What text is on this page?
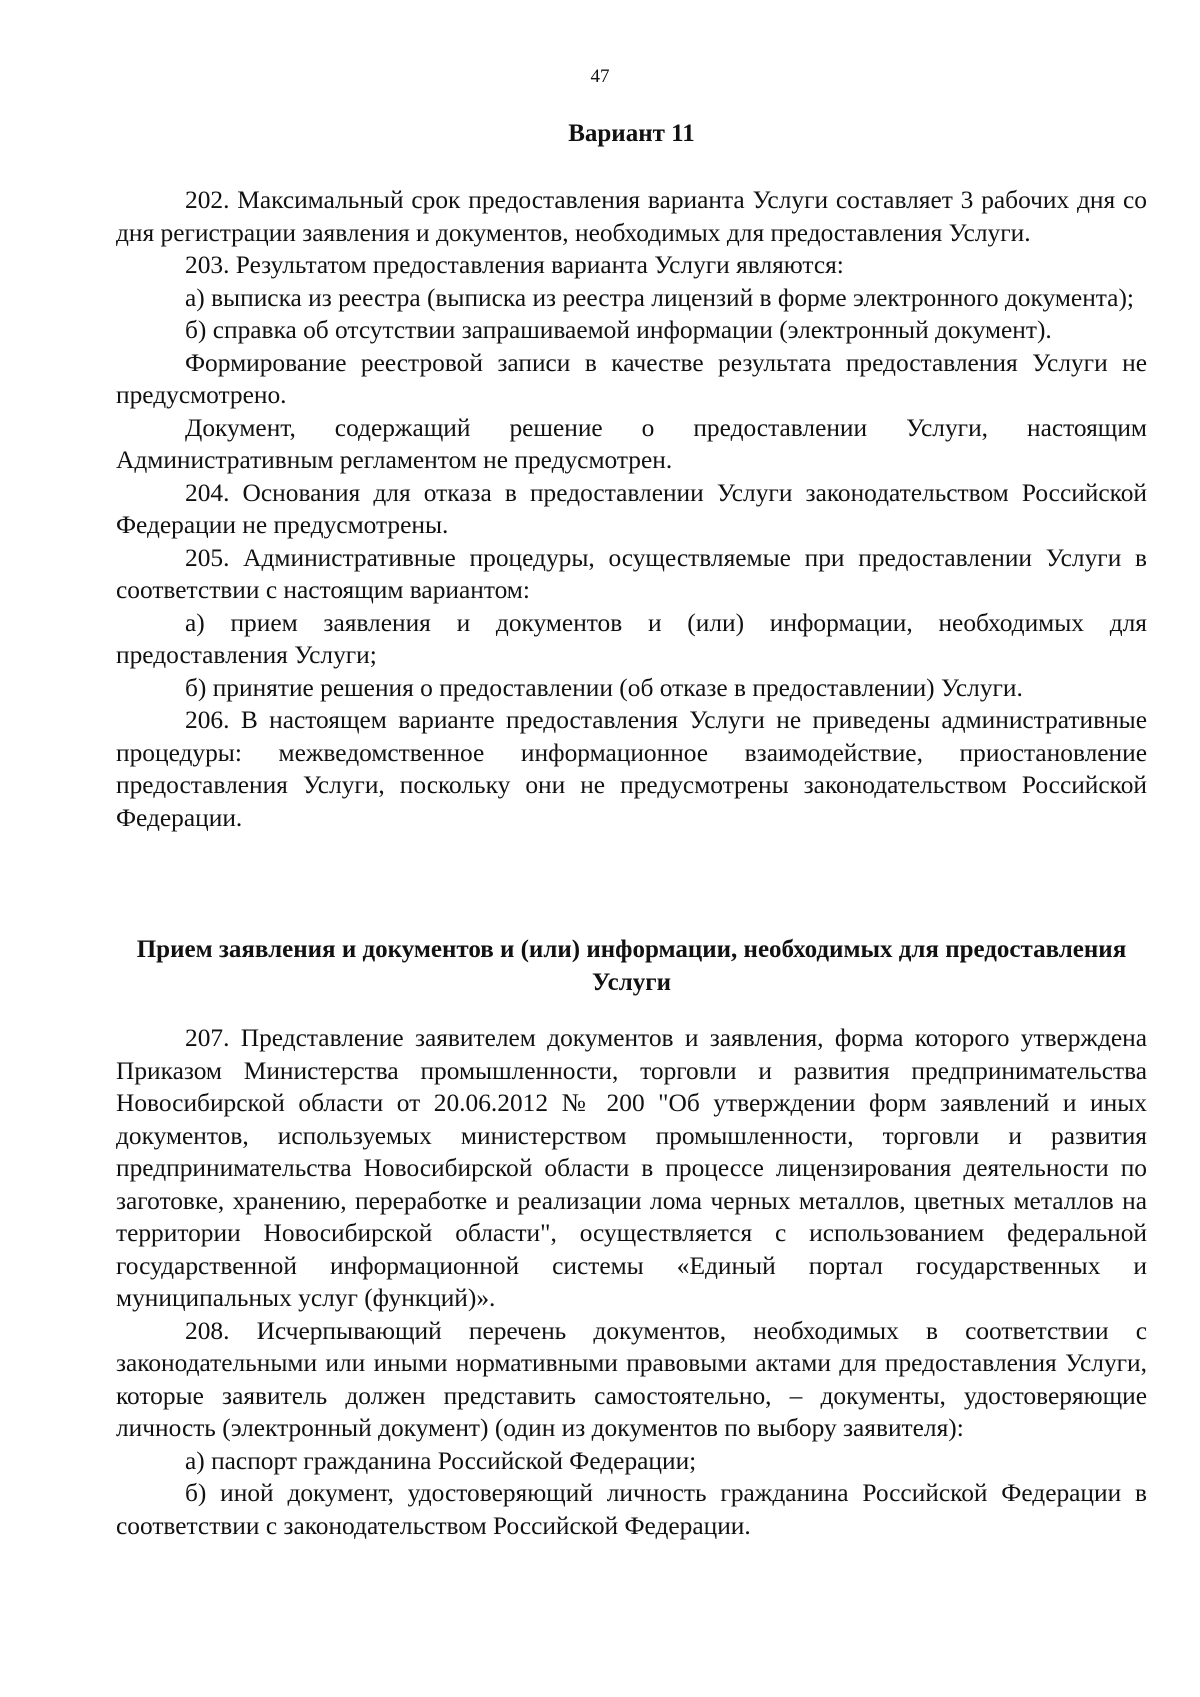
47
Вариант 11

202. Максимальный срок предоставления варианта Услуги составляет 3 рабочих дня со дня регистрации заявления и документов, необходимых для предоставления Услуги.

203. Результатом предоставления варианта Услуги являются:

а) выписка из реестра (выписка из реестра лицензий в форме электронного документа);

б) справка об отсутствии запрашиваемой информации (электронный документ).

Формирование реестровой записи в качестве результата предоставления Услуги не предусмотрено.

Документ, содержащий решение о предоставлении Услуги, настоящим Административным регламентом не предусмотрен.

204. Основания для отказа в предоставлении Услуги законодательством Российской Федерации не предусмотрены.

205. Административные процедуры, осуществляемые при предоставлении Услуги в соответствии с настоящим вариантом:

а) прием заявления и документов и (или) информации, необходимых для предоставления Услуги;

б) принятие решения о предоставлении (об отказе в предоставлении) Услуги.

206. В настоящем варианте предоставления Услуги не приведены административные процедуры: межведомственное информационное взаимодействие, приостановление предоставления Услуги, поскольку они не предусмотрены законодательством Российской Федерации.

Прием заявления и документов и (или) информации, необходимых для предоставления Услуги

207. Представление заявителем документов и заявления, форма которого утверждена Приказом Министерства промышленности, торговли и развития предпринимательства Новосибирской области от 20.06.2012 № 200 "Об утверждении форм заявлений и иных документов, используемых министерством промышленности, торговли и развития предпринимательства Новосибирской области в процессе лицензирования деятельности по заготовке, хранению, переработке и реализации лома черных металлов, цветных металлов на территории Новосибирской области", осуществляется с использованием федеральной государственной информационной системы «Единый портал государственных и муниципальных услуг (функций)».

208. Исчерпывающий перечень документов, необходимых в соответствии с законодательными или иными нормативными правовыми актами для предоставления Услуги, которые заявитель должен представить самостоятельно, – документы, удостоверяющие личность (электронный документ) (один из документов по выбору заявителя):

а) паспорт гражданина Российской Федерации;

б) иной документ, удостоверяющий личность гражданина Российской Федерации в соответствии с законодательством Российской Федерации.
